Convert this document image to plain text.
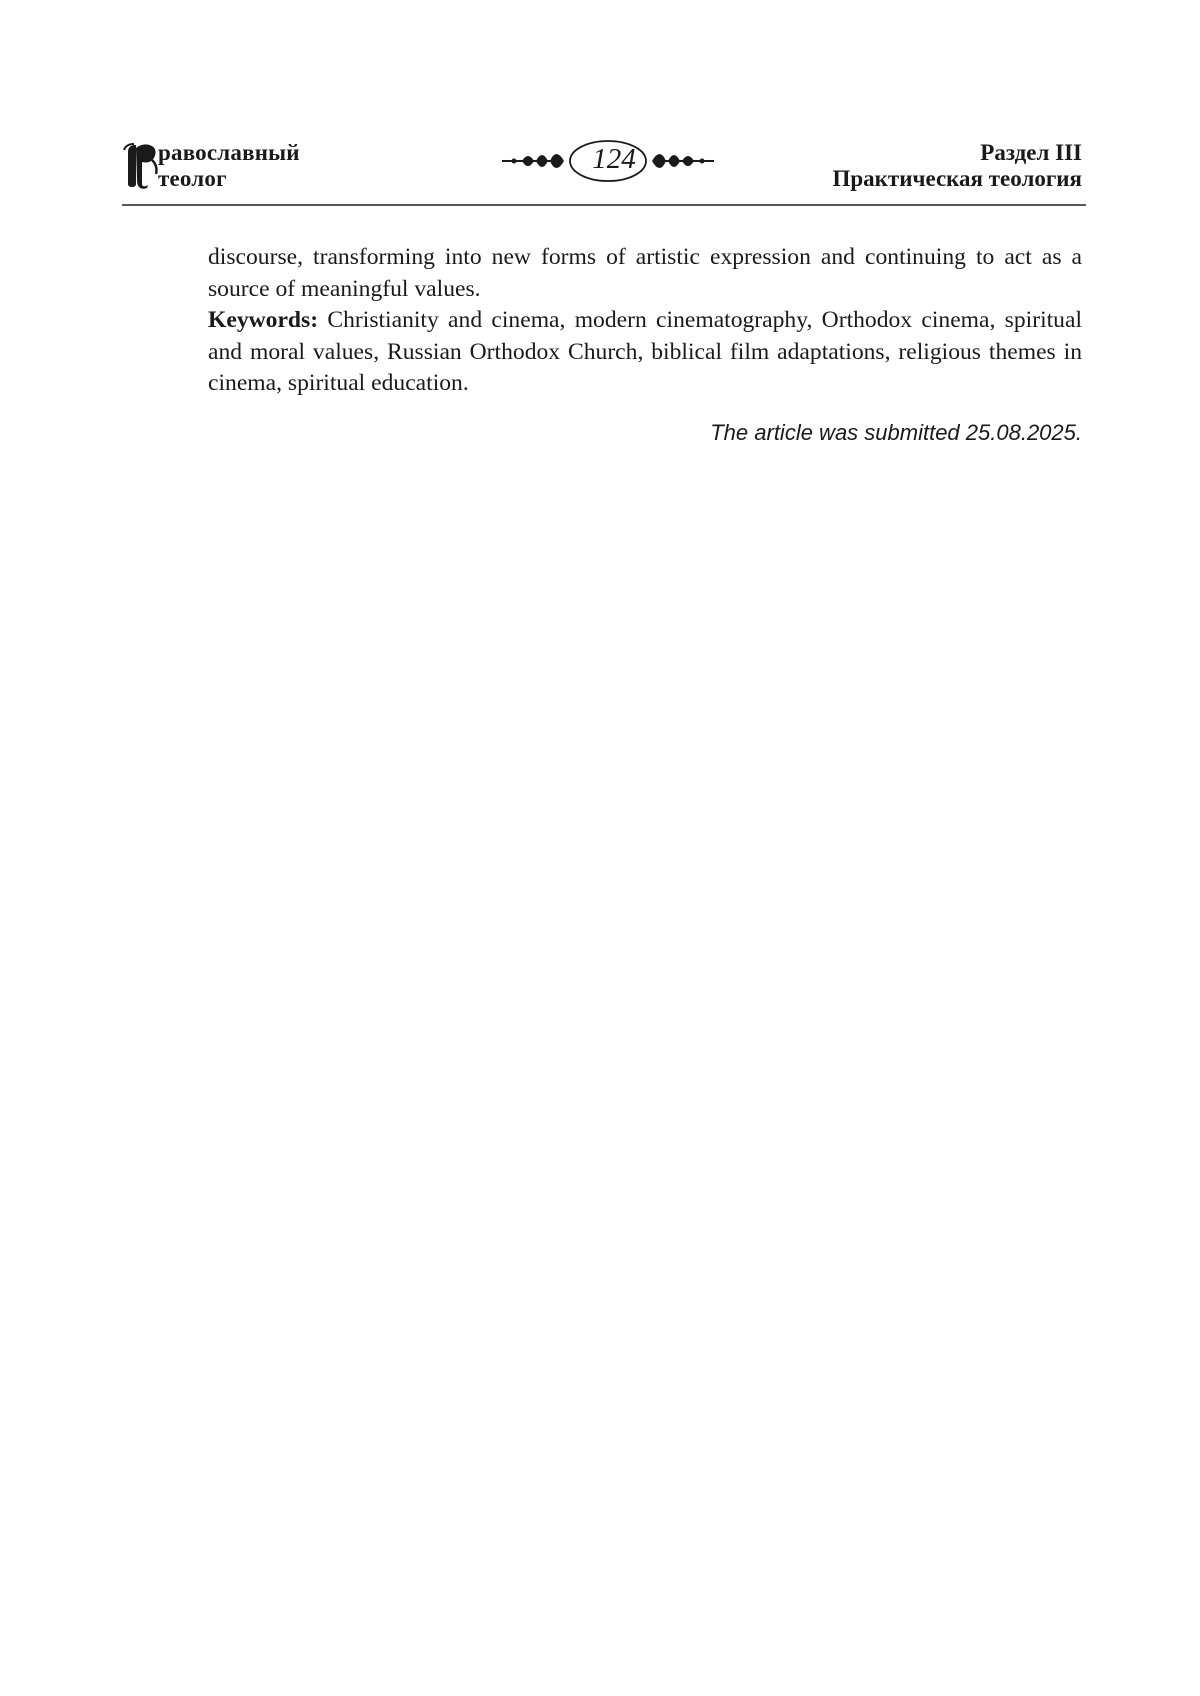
равославный
теолог
124	Раздел III
Практическая теология

discourse, transforming into new forms of artistic expression and continuing to act as a source of meaningful values.

Keywords: Christianity and cinema, modern cinematography, Orthodox cinema, spiritual and moral values, Russian Orthodox Church, biblical film adaptations, religious themes in cinema, spiritual education.

The article was submitted 25.08.2025.
